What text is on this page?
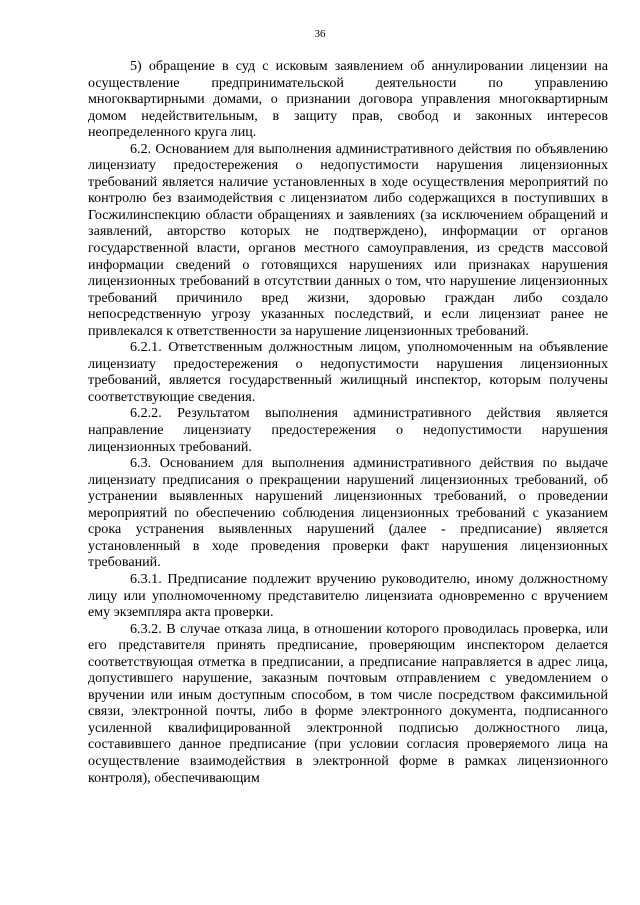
36

5) обращение в суд с исковым заявлением об аннулировании лицензии на осуществление предпринимательской деятельности по управлению многоквартирными домами, о признании договора управления многоквартирным домом недействительным, в защиту прав, свобод и законных интересов неопределенного круга лиц.

6.2. Основанием для выполнения административного действия по объявлению лицензиату предостережения о недопустимости нарушения лицензионных требований является наличие установленных в ходе осуществления мероприятий по контролю без взаимодействия с лицензиатом либо содержащихся в поступивших в Госжилинспекцию области обращениях и заявлениях (за исключением обращений и заявлений, авторство которых не подтверждено), информации от органов государственной власти, органов местного самоуправления, из средств массовой информации сведений о готовящихся нарушениях или признаках нарушения лицензионных требований в отсутствии данных о том, что нарушение лицензионных требований причинило вред жизни, здоровью граждан либо создало непосредственную угрозу указанных последствий, и если лицензиат ранее не привлекался к ответственности за нарушение лицензионных требований.

6.2.1. Ответственным должностным лицом, уполномоченным на объявление лицензиату предостережения о недопустимости нарушения лицензионных требований, является государственный жилищный инспектор, которым получены соответствующие сведения.

6.2.2. Результатом выполнения административного действия является направление лицензиату предостережения о недопустимости нарушения лицензионных требований.

6.3. Основанием для выполнения административного действия по выдаче лицензиату предписания о прекращении нарушений лицензионных требований, об устранении выявленных нарушений лицензионных требований, о проведении мероприятий по обеспечению соблюдения лицензионных требований с указанием срока устранения выявленных нарушений (далее - предписание) является установленный в ходе проведения проверки факт нарушения лицензионных требований.

6.3.1. Предписание подлежит вручению руководителю, иному должностному лицу или уполномоченному представителю лицензиата одновременно с вручением ему экземпляра акта проверки.

6.3.2. В случае отказа лица, в отношении которого проводилась проверка, или его представителя принять предписание, проверяющим инспектором делается соответствующая отметка в предписании, а предписание направляется в адрес лица, допустившего нарушение, заказным почтовым отправлением с уведомлением о вручении или иным доступным способом, в том числе посредством факсимильной связи, электронной почты, либо в форме электронного документа, подписанного усиленной квалифицированной электронной подписью должностного лица, составившего данное предписание (при условии согласия проверяемого лица на осуществление взаимодействия в электронной форме в рамках лицензионного контроля), обеспечивающим
